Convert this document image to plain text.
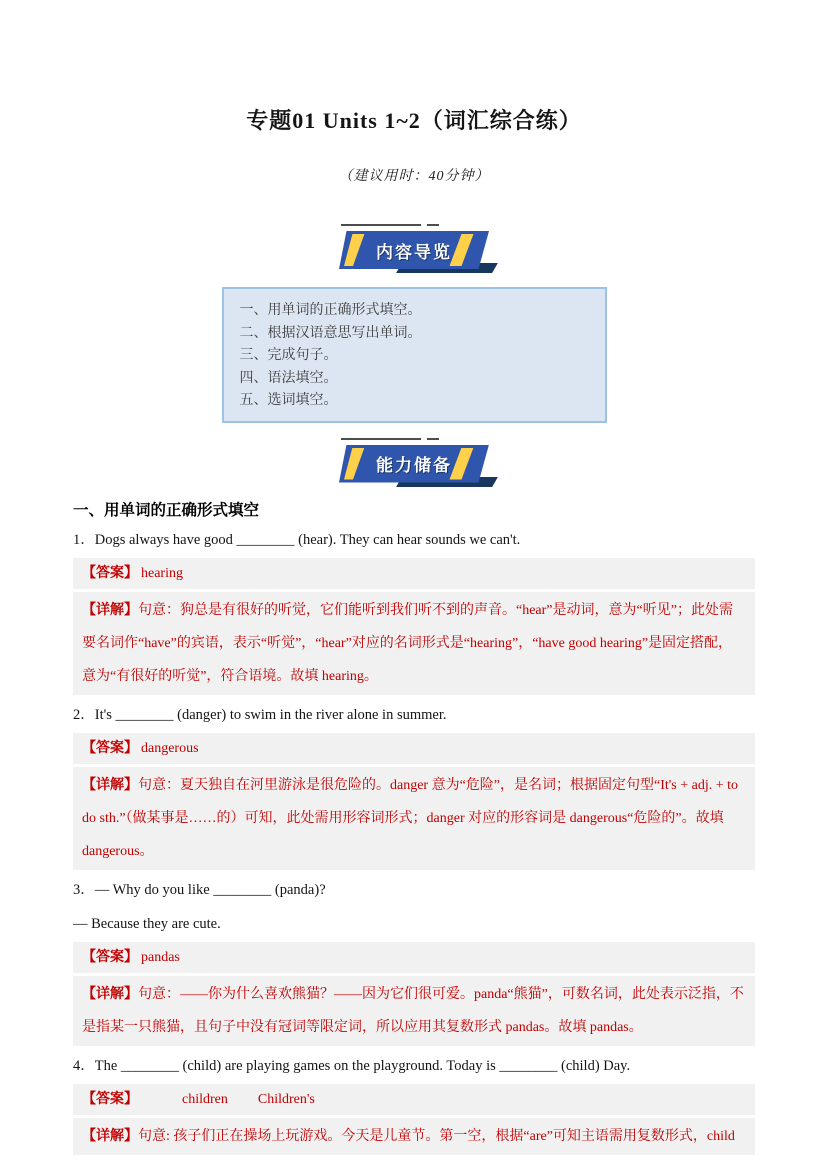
专题01 Units 1~2（词汇综合练）

（建议用时：40分钟）

内容导览
一、用单词的正确形式填空。
二、根据汉语意思写出单词。
三、完成句子。
四、语法填空。
五、选词填空。
能力储备
一、用单词的正确形式填空

1．Dogs always have good ________ (hear). They can hear sounds we can't.

【答案】 hearing
【详解】句意：狗总是有很好的听觉，它们能听到我们听不到的声音。“hear”是动词，意为“听见”；此处需要名词作“have”的宾语，表示“听觉”，“hear”对应的名词形式是“hearing”，“have good hearing”是固定搭配，意为“有很好的听觉”，符合语境。故填 hearing。

2．It's ________ (danger) to swim in the river alone in summer.

【答案】 dangerous
【详解】句意：夏天独自在河里游泳是很危险的。danger 意为“危险”，是名词；根据固定句型“It's + adj. + to do sth.”（做某事是……的）可知，此处需用形容词形式；danger 对应的形容词是 dangerous“危险的”。故填 dangerous。

3．— Why do you like ________ (panda)?

— Because they are cute.

【答案】 pandas
【详解】句意：——你为什么喜欢熊猫？——因为它们很可爱。panda“熊猫”，可数名词，此处表示泛指，不是指某一只熊猫，且句子中没有冠词等限定词，所以应用其复数形式 pandas。故填 pandas。

4．The ________ (child) are playing games on the playground. Today is ________ (child) Day.

【答案】	children Children's
【详解】句意: 孩子们正在操场上玩游戏。今天是儿童节。第一空，根据“are”可知主语需用复数形式，child
